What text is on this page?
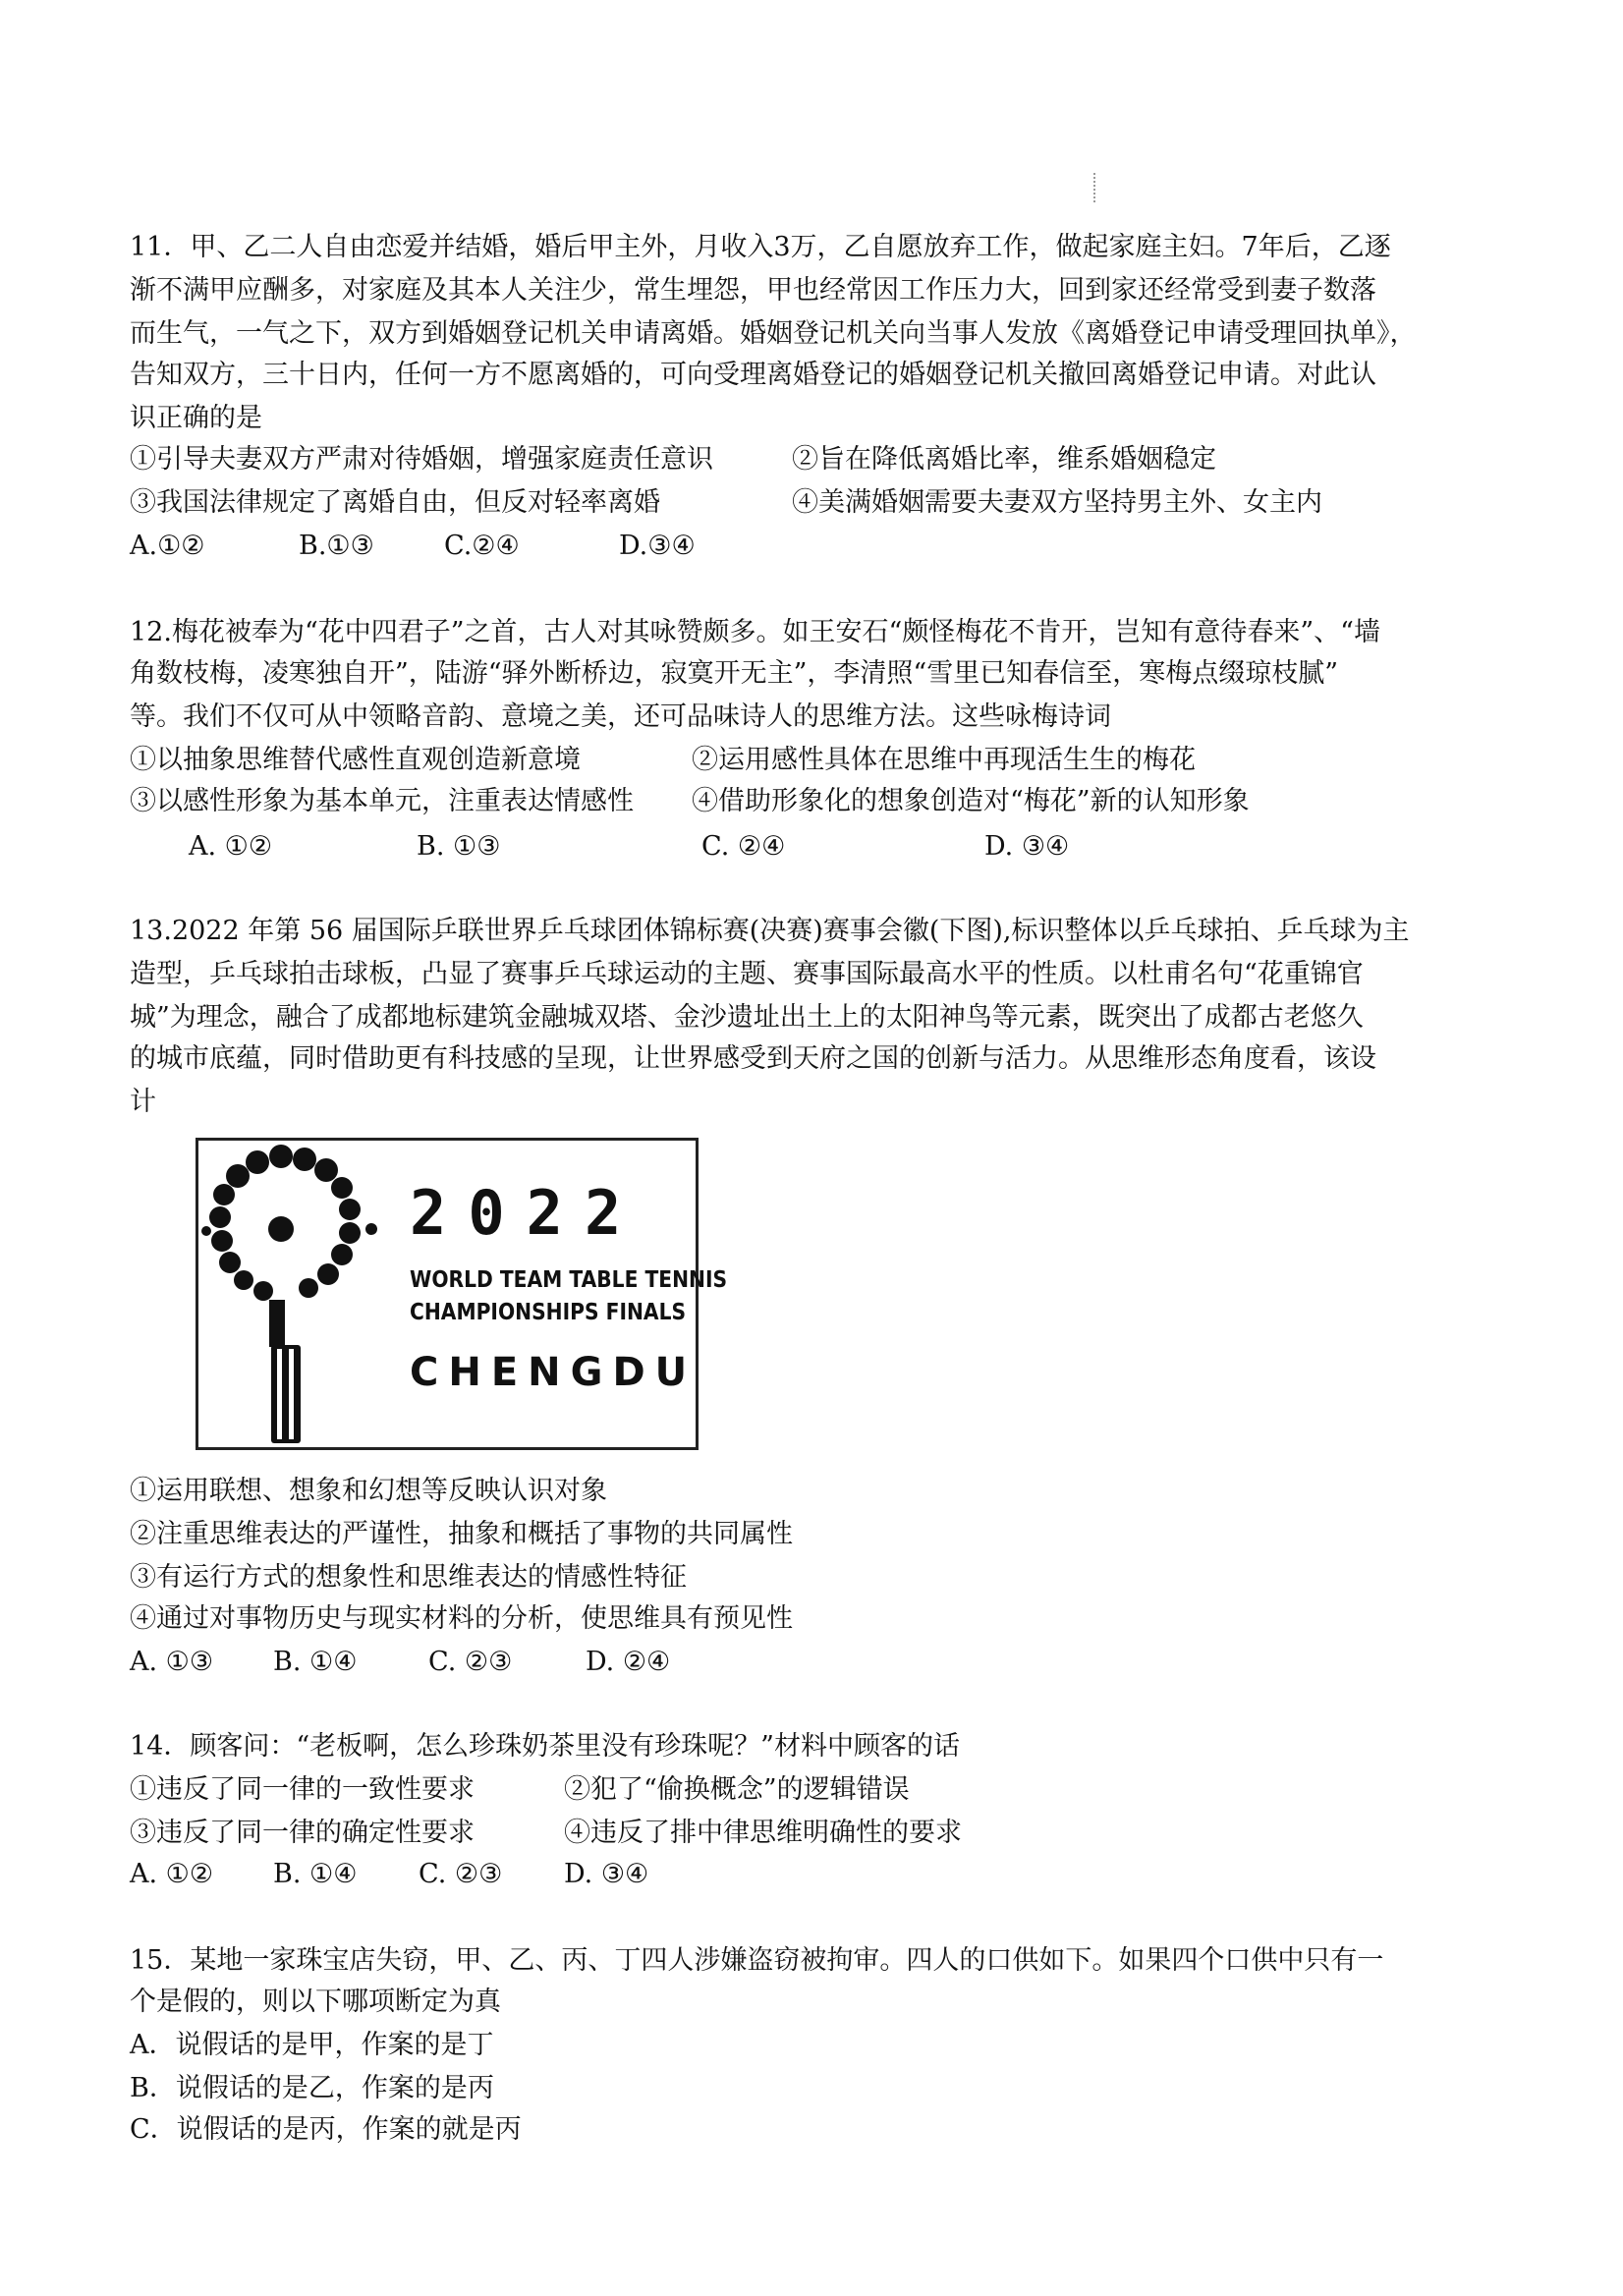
11．甲、乙二人自由恋爱并结婚，婚后甲主外，月收入3万，乙自愿放弃工作，做起家庭主妇。7年后，乙逐
渐不满甲应酬多，对家庭及其本人关注少，常生埋怨，甲也经常因工作压力大，回到家还经常受到妻子数落
而生气，一气之下，双方到婚姻登记机关申请离婚。婚姻登记机关向当事人发放《离婚登记申请受理回执单》，
告知双方，三十日内，任何一方不愿离婚的，可向受理离婚登记的婚姻登记机关撤回离婚登记申请。对此认
识正确的是
①引导夫妻双方严肃对待婚姻，增强家庭责任意识	②旨在降低离婚比率，维系婚姻稳定
③我国法律规定了离婚自由，但反对轻率离婚	④美满婚姻需要夫妻双方坚持男主外、女主内
A.①②	B.①③	C.②④	D.③④
12.梅花被奉为“花中四君子”之首，古人对其咏赞颇多。如王安石“颇怪梅花不肯开，岂知有意待春来”、“墙
角数枝梅，凌寒独自开”，陆游“驿外断桥边，寂寞开无主”，李清照“雪里已知春信至，寒梅点缀琼枝腻”
等。我们不仅可从中领略音韵、意境之美，还可品味诗人的思维方法。这些咏梅诗词
①以抽象思维替代感性直观创造新意境	②运用感性具体在思维中再现活生生的梅花
③以感性形象为基本单元，注重表达情感性 ④借助形象化的想象创造对“梅花”新的认知形象
A. ①②	B. ①③	C. ②④	D. ③④
13.2022 年第 56 届国际乒联世界乒乓球团体锦标赛(决赛)赛事会徽(下图),标识整体以乒乓球拍、乒乓球为主
造型，乒乓球拍击球板，凸显了赛事乒乓球运动的主题、赛事国际最高水平的性质。以杜甫名句“花重锦官
城”为理念，融合了成都地标建筑金融城双塔、金沙遗址出土上的太阳神鸟等元素，既突出了成都古老悠久
的城市底蕴，同时借助更有科技感的呈现，让世界感受到天府之国的创新与活力。从思维形态角度看，该设
计
2022
WORLD TEAM TABLE TENNIS
CHAMPIONSHIPS FINALS
CHENGDU
①运用联想、想象和幻想等反映认识对象
②注重思维表达的严谨性，抽象和概括了事物的共同属性
③有运行方式的想象性和思维表达的情感性特征
④通过对事物历史与现实材料的分析，使思维具有预见性
A. ①③ B. ①④	C. ②③	D. ②④
14．顾客问：“老板啊，怎么珍珠奶茶里没有珍珠呢？”材料中顾客的话
①违反了同一律的一致性要求	②犯了“偷换概念”的逻辑错误
③违反了同一律的确定性要求	④违反了排中律思维明确性的要求
A. ①② B. ①④ C. ②③ D. ③④
15．某地一家珠宝店失窃，甲、乙、丙、丁四人涉嫌盗窃被拘审。四人的口供如下。如果四个口供中只有一
个是假的，则以下哪项断定为真
A．说假话的是甲，作案的是丁
B．说假话的是乙，作案的是丙
C．说假话的是丙，作案的就是丙
